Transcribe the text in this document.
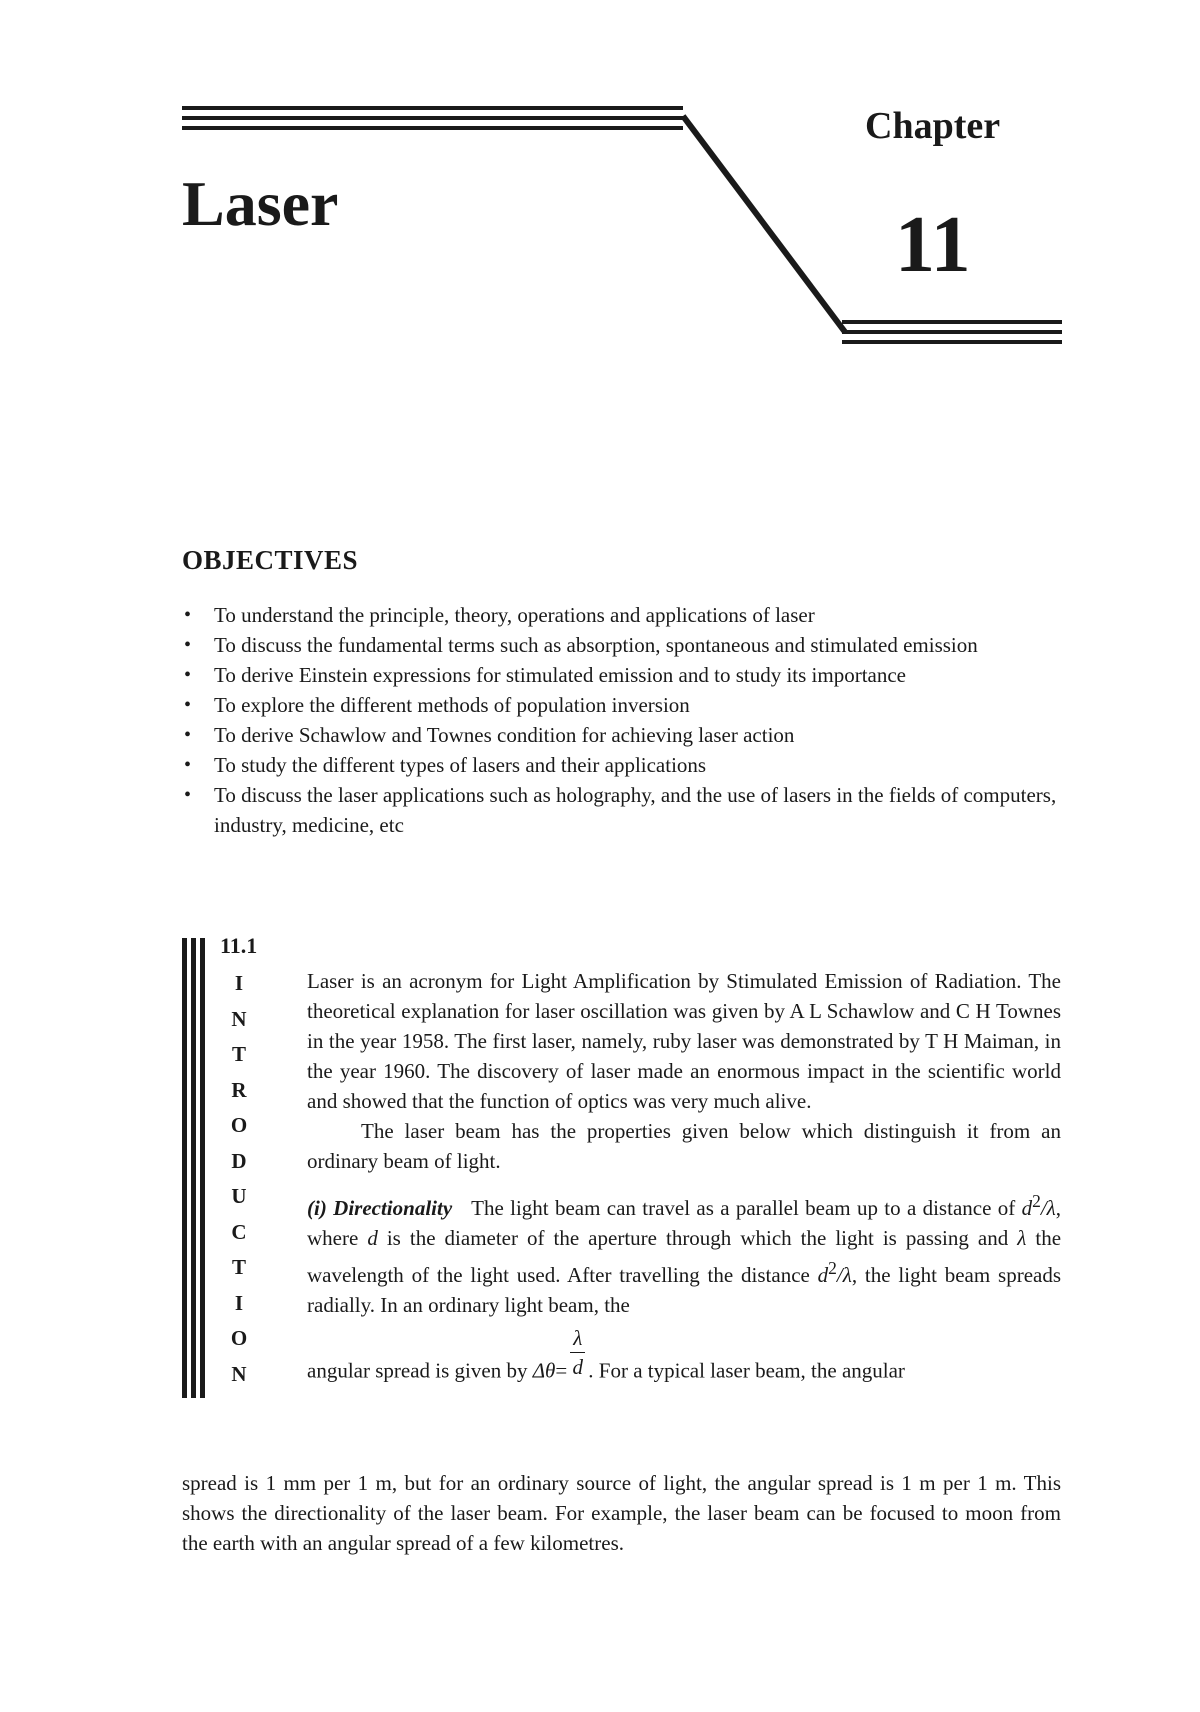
Chapter
11
Laser
OBJECTIVES
• To understand the principle, theory, operations and applications of laser
• To discuss the fundamental terms such as absorption, spontaneous and stimulated emission
• To derive Einstein expressions for stimulated emission and to study its importance
• To explore the different methods of population inversion
• To derive Schawlow and Townes condition for achieving laser action
• To study the different types of lasers and their applications
• To discuss the laser applications such as holography, and the use of lasers in the fields of computers, industry, medicine, etc
11.1
I
N
T
R
O
D
U
C
T
I
O
N

Laser is an acronym for Light Amplification by Stimulated Emission of Radiation. The theoretical explanation for laser oscillation was given by A L Schawlow and C H Townes in the year 1958. The first laser, namely, ruby laser was demonstrated by T H Maiman, in the year 1960. The discovery of laser made an enormous impact in the scientific world and showed that the function of optics was very much alive.

The laser beam has the properties given below which distinguish it from an ordinary beam of light.

(i) Directionality The light beam can travel as a parallel beam up to a distance of $d^2/\lambda$, where d is the diameter of the aperture through which the light is passing and λ the wavelength of the light used. After travelling the distance $d^2/\lambda$, the light beam spreads radially. In an ordinary light beam, the

angular spread is given by $\Delta\theta= \frac{\lambda}{d}$ . For a typical laser beam, the angular

spread is 1 mm per 1 m, but for an ordinary source of light, the angular spread is 1 m per 1 m. This shows the directionality of the laser beam. For example, the laser beam can be focused to moon from the earth with an angular spread of a few kilometres.
